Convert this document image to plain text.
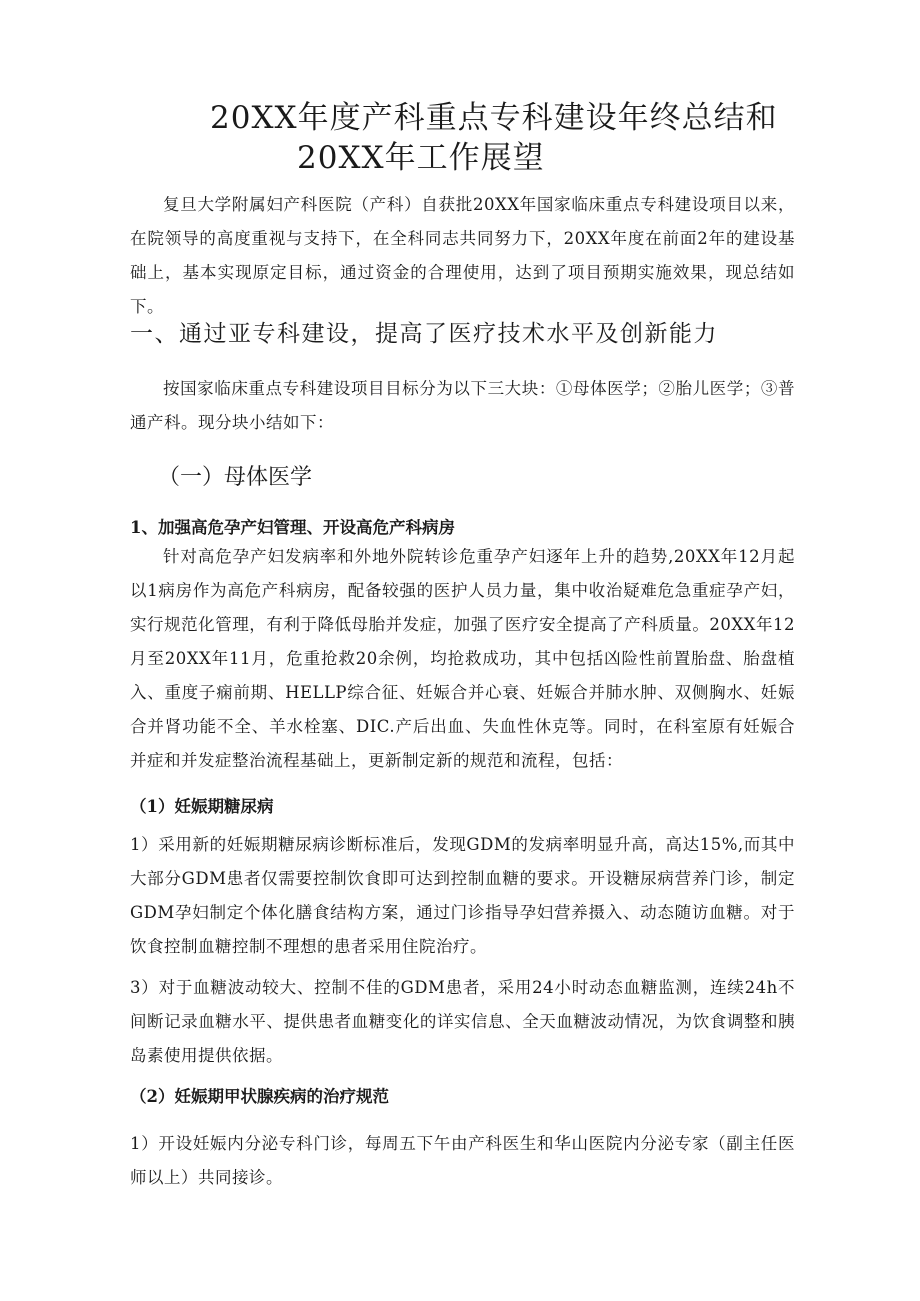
20XX年度产科重点专科建设年终总结和
20XX年工作展望
复旦大学附属妇产科医院（产科）自获批20XX年国家临床重点专科建设项目以来，在院领导的高度重视与支持下，在全科同志共同努力下，20XX年度在前面2年的建设基础上，基本实现原定目标，通过资金的合理使用，达到了项目预期实施效果，现总结如下。
一、通过亚专科建设，提高了医疗技术水平及创新能力
按国家临床重点专科建设项目目标分为以下三大块：①母体医学；②胎儿医学；③普通产科。现分块小结如下：
（一）母体医学
1、加强高危孕产妇管理、开设高危产科病房
针对高危孕产妇发病率和外地外院转诊危重孕产妇逐年上升的趋势,20XX年12月起以1病房作为高危产科病房，配备较强的医护人员力量，集中收治疑难危急重症孕产妇，实行规范化管理，有利于降低母胎并发症，加强了医疗安全提高了产科质量。20XX年12月至20XX年11月，危重抢救20余例，均抢救成功，其中包括凶险性前置胎盘、胎盘植入、重度子痫前期、HELLP综合征、妊娠合并心衰、妊娠合并肺水肿、双侧胸水、妊娠合并肾功能不全、羊水栓塞、DIC.产后出血、失血性休克等。同时，在科室原有妊娠合并症和并发症整治流程基础上，更新制定新的规范和流程，包括：
（1）妊娠期糖尿病
1）采用新的妊娠期糖尿病诊断标准后，发现GDM的发病率明显升高，高达15%,而其中大部分GDM患者仅需要控制饮食即可达到控制血糖的要求。开设糖尿病营养门诊，制定GDM孕妇制定个体化膳食结构方案，通过门诊指导孕妇营养摄入、动态随访血糖。对于饮食控制血糖控制不理想的患者采用住院治疗。
3）对于血糖波动较大、控制不佳的GDM患者，采用24小时动态血糖监测，连续24h不间断记录血糖水平、提供患者血糖变化的详实信息、全天血糖波动情况，为饮食调整和胰岛素使用提供依据。
（2）妊娠期甲状腺疾病的治疗规范
1）开设妊娠内分泌专科门诊，每周五下午由产科医生和华山医院内分泌专家（副主任医师以上）共同接诊。
